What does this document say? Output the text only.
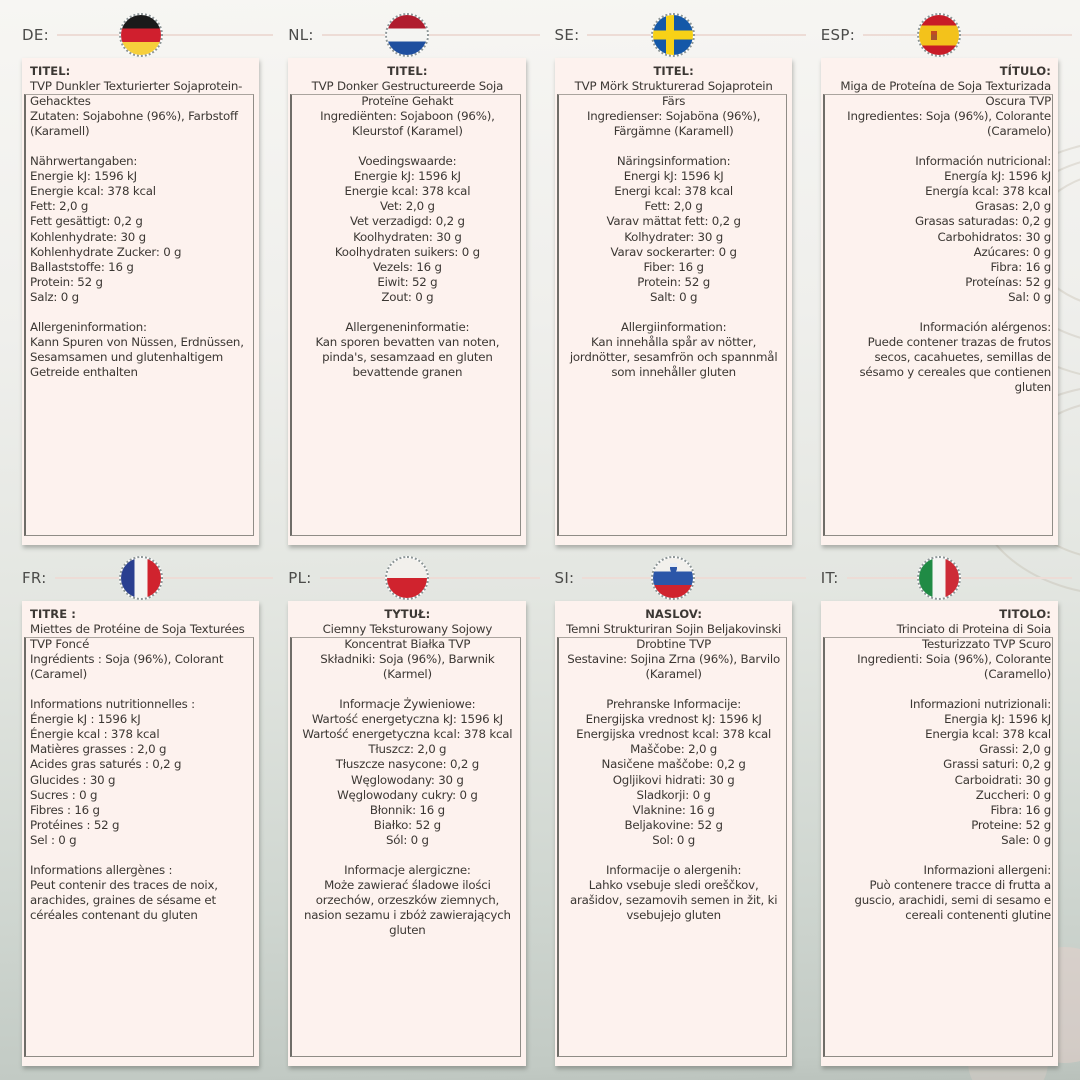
DE:
TITEL:
TVP Dunkler Texturierter Sojaprotein-Gehacktes
Zutaten: Sojabohne (96%), Farbstoff (Karamell)
Nährwertangaben:
Energie kJ: 1596 kJ
Energie kcal: 378 kcal
Fett: 2,0 g
Fett gesättigt: 0,2 g
Kohlenhydrate: 30 g
Kohlenhydrate Zucker: 0 g
Ballaststoffe: 16 g
Protein: 52 g
Salz: 0 g
Allergeninformation:
Kann Spuren von Nüssen, Erdnüssen, Sesamsamen und glutenhaltigem Getreide enthalten
NL:
TITEL:
TVP Donker Gestructureerde Soja Proteïne Gehakt
Ingrediënten: Sojaboon (96%), Kleurstof (Karamel)
Voedingswaarde:
Energie kJ: 1596 kJ
Energie kcal: 378 kcal
Vet: 2,0 g
Vet verzadigd: 0,2 g
Koolhydraten: 30 g
Koolhydraten suikers: 0 g
Vezels: 16 g
Eiwit: 52 g
Zout: 0 g
Allergeneninformatie:
Kan sporen bevatten van noten, pinda's, sesamzaad en gluten bevattende granen
SE:
TITEL:
TVP Mörk Strukturerad Sojaprotein Färs
Ingredienser: Sojaböna (96%), Färgämne (Karamell)
Näringsinformation:
Energi kJ: 1596 kJ
Energi kcal: 378 kcal
Fett: 2,0 g
Varav mättat fett: 0,2 g
Kolhydrater: 30 g
Varav sockerarter: 0 g
Fiber: 16 g
Protein: 52 g
Salt: 0 g
Allergiinformation:
Kan innehålla spår av nötter, jordnötter, sesamfrön och spannmål som innehåller gluten
ESP:
TÍTULO:
Miga de Proteína de Soja Texturizada Oscura TVP
Ingredientes: Soja (96%), Colorante (Caramelo)
Información nutricional:
Energía kJ: 1596 kJ
Energía kcal: 378 kcal
Grasas: 2,0 g
Grasas saturadas: 0,2 g
Carbohidratos: 30 g
Azúcares: 0 g
Fibra: 16 g
Proteínas: 52 g
Sal: 0 g
Información alérgenos:
Puede contener trazas de frutos secos, cacahuetes, semillas de sésamo y cereales que contienen gluten
FR:
TITRE :
Miettes de Protéine de Soja Texturées TVP Foncé
Ingrédients : Soja (96%), Colorant (Caramel)
Informations nutritionnelles :
Énergie kJ : 1596 kJ
Énergie kcal : 378 kcal
Matières grasses : 2,0 g
Acides gras saturés : 0,2 g
Glucides : 30 g
Sucres : 0 g
Fibres : 16 g
Protéines : 52 g
Sel : 0 g
Informations allergènes :
Peut contenir des traces de noix, arachides, graines de sésame et céréales contenant du gluten
PL:
TYTUŁ:
Ciemny Teksturowany Sojowy Koncentrat Białka TVP
Składniki: Soja (96%), Barwnik (Karmel)
Informacje Żywieniowe:
Wartość energetyczna kJ: 1596 kJ
Wartość energetyczna kcal: 378 kcal
Tłuszcz: 2,0 g
Tłuszcze nasycone: 0,2 g
Węglowodany: 30 g
Węglowodany cukry: 0 g
Błonnik: 16 g
Białko: 52 g
Sól: 0 g
Informacje alergiczne:
Może zawierać śladowe ilości orzechów, orzeszków ziemnych, nasion sezamu i zbóż zawierających gluten
SI:
NASLOV:
Temni Strukturiran Sojin Beljakovinski Drobtine TVP
Sestavine: Sojina Zrna (96%), Barvilo (Karamel)
Prehranske Informacije:
Energijska vrednost kJ: 1596 kJ
Energijska vrednost kcal: 378 kcal
Maščobe: 2,0 g
Nasičene maščobe: 0,2 g
Ogljikovi hidrati: 30 g
Sladkorji: 0 g
Vlaknine: 16 g
Beljakovine: 52 g
Sol: 0 g
Informacije o alergenih:
Lahko vsebuje sledi oreščkov, arašidov, sezamovih semen in žit, ki vsebujejo gluten
IT:
TITOLO:
Trinciato di Proteina di Soia Testurizzato TVP Scuro
Ingredienti: Soia (96%), Colorante (Caramello)
Informazioni nutrizionali:
Energia kJ: 1596 kJ
Energia kcal: 378 kcal
Grassi: 2,0 g
Grassi saturi: 0,2 g
Carboidrati: 30 g
Zuccheri: 0 g
Fibra: 16 g
Proteine: 52 g
Sale: 0 g
Informazioni allergeni:
Può contenere tracce di frutta a guscio, arachidi, semi di sesamo e cereali contenenti glutine
